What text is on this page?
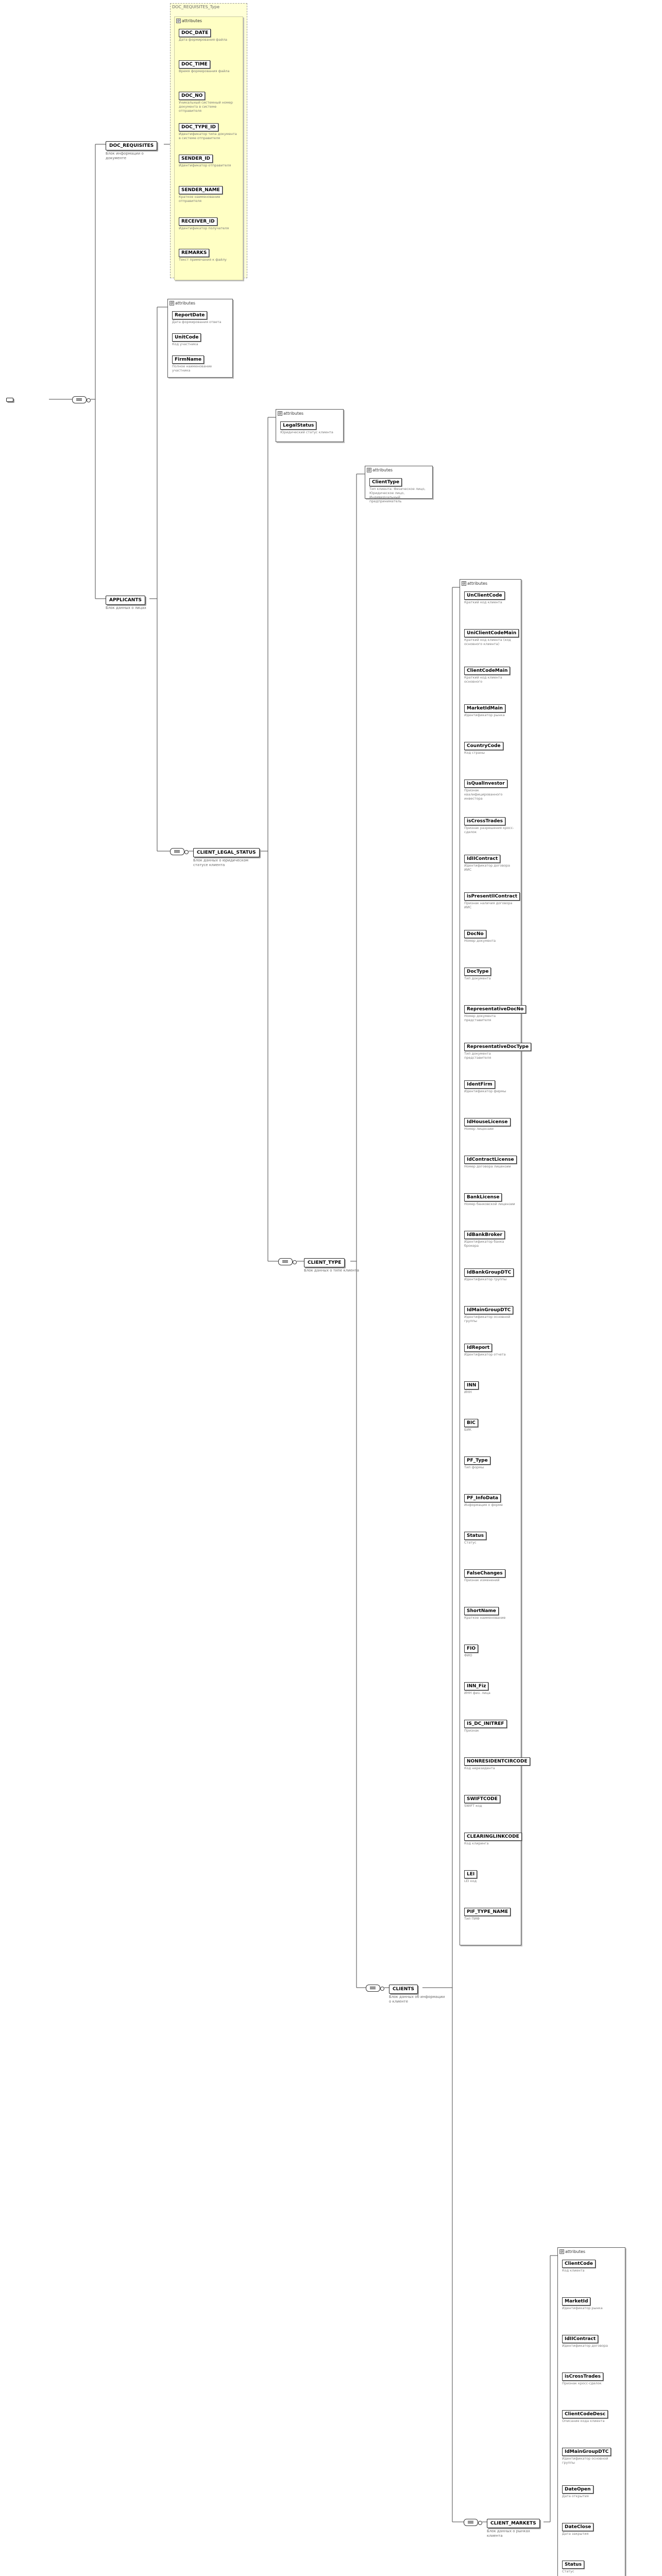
DOC_REQUISITES
Блок информации о документе
DOC_REQUISITES_Type
@ attributes
DOC_DATE
Дата формирования файла
DOC_TIME
Время формирования файла
DOC_NO
Уникальный системный номер документа в системе отправителя
DOC_TYPE_ID
Идентификатор типа документа в системе отправителя
SENDER_ID
Идентификатор отправителя
SENDER_NAME
Краткое наименование отправителя
RECEIVER_ID
Идентификатор получателя
REMARKS
Текст примечания к файлу
APPLICANTS
Блок данных о лицах
@ attributes
ReportDate
Дата формирования ответа
UnitCode
Код участника
FirmName
Полное наименование участника
CLIENT_LEGAL_STATUS
Блок данных о юридическом статусе клиента
@ attributes
LegalStatus
Юридический статус клиента
CLIENT_TYPE
Блок данных о типе клиента
@ attributes
ClientType
Тип клиента: Физическое лицо, Юридическое лицо, Индивидуальный предприниматель
CLIENTS
Блок данных об информации о клиенте
@ attributes
UnClientCode
Краткий код клиента
UniClientCodeMain
Краткий код клиента (код основного клиента)
ClientCodeMain
Краткий код клиента основного
MarketIdMain
Идентификатор рынка
CountryCode
Код страны
isQualInvestor
Признак квалифицированного инвестора
isCrossTrades
Признак разрешения кросс-сделок
IdIIContract
Идентификатор договора ИИС
isPresentIIContract
Признак наличия договора ИИС
DocNo
Номер документа
DocType
Тип документа
RepresentativeDocNo
Номер документа представителя
RepresentativeDocType
Тип документа представителя
IdentFirm
Идентификатор фирмы
IdHouseLicense
Номер лицензии
IdContractLicense
Номер договора лицензии
BankLicense
Номер банковской лицензии
IdBankBroker
Идентификатор банка брокера
IdBankGroupDTC
Идентификатор группы
IdMainGroupDTC
Идентификатор основной группы
IdReport
Идентификатор отчета
INN
ИНН
BIC
БИК
PF_Type
Тип формы
PF_InfoData
Информация о форме
Status
Статус
FalseChanges
Признак изменений
ShortName
Краткое наименование
FIO
ФИО
INN_Fiz
ИНН физ. лица
IS_DC_INITREF
Признак
NONRESIDENTCIRCODE
Код нерезидента
SWIFTCODE
SWIFT код
CLEARINGLINKCODE
Код клиринга
LEI
LEI код
PIF_TYPE_NAME
Тип ПИФ
CLIENT_MARKETS
Блок данных о рынках клиента
@ attributes
ClientCode
Код клиента
MarketId
Идентификатор рынка
IdIIContract
Идентификатор договора
isCrossTrades
Признак кросс-сделок
ClientCodeDesc
Описание кода клиента
IdMainGroupDTC
Идентификатор основной группы
DateOpen
Дата открытия
DateClose
Дата закрытия
Status
Статус
